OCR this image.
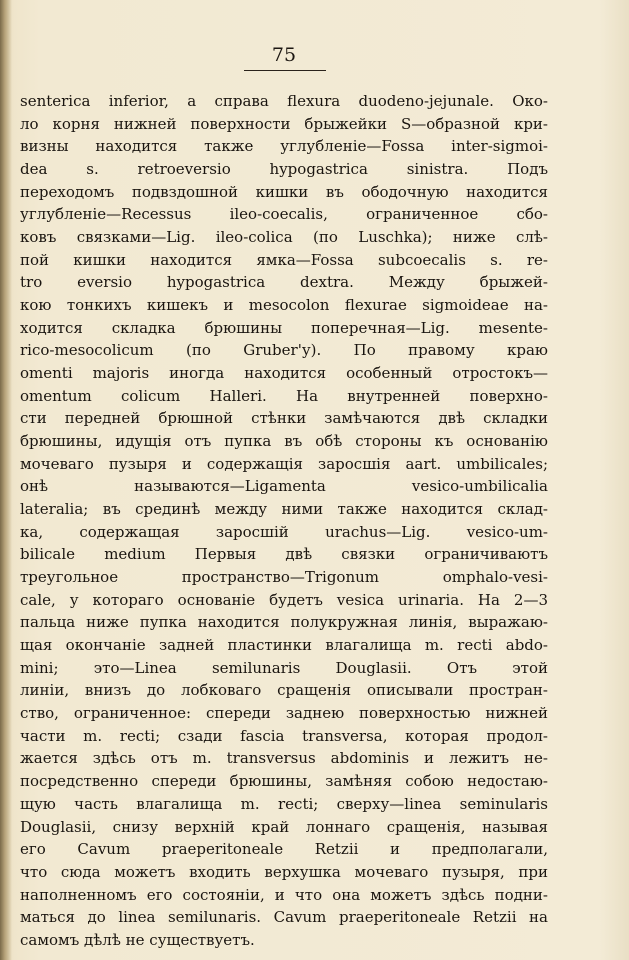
75
senterica inferior, а справа flexura duodeno-jejunale. Око-
ло корня нижней поверхности брыжейки S—образной кри-
визны находится также углубленіе—Fossa inter-sigmoi-
dea s. retroeversio hypogastrica sinistra. Подъ
переходомъ подвздошной кишки въ ободочную находится
углубленіе—Recessus ileo-coecalis, ограниченное сбо-
ковъ связками—Lig. ileo-colica (по Luschka); ниже слѣ-
пой кишки находится ямка—Fossa subcoecalis s. re-
tro eversio hypogastrica dextra. Между брыжей-
кою тонкихъ кишекъ и mesocolon flexurae sigmoideae на-
ходится складка брюшины поперечная—Lig. mesente-
rico-mesocolicum (по Gruber'у). По правому краю
omenti majoris иногда находится особенный отростокъ—
omentum colicum Halleri. На внутренней поверхно-
сти передней брюшной стѣнки замѣчаются двѣ складки
брюшины, идущія отъ пупка въ обѣ стороны къ основанію
мочеваго пузыря и содержащія заросшія aart. umbilicales;
онѣ называются—Ligamenta vesico-umbilicalia
lateralia; въ срединѣ между ними также находится склад-
ка, содержащая заросшій urachus—Lig. vesico-um-
bilicale medium Первыя двѣ связки ограничиваютъ
треугольное пространство—Trigonum omphalo-vesi-
cale, у котораго основаніе будетъ vesica urinaria. На 2—3
пальца ниже пупка находится полукружная линія, выражаю-
щая окончаніе задней пластинки влагалища m. recti abdo-
mini; это—Linea semilunaris Douglasii. Отъ этой
линіи, внизъ до лобковаго сращенія описывали простран-
ство, ограниченное: спереди заднею поверхностью нижней
части m. recti; сзади fascia transversa, которая продол-
жается здѣсь отъ m. transversus abdominis и лежитъ не-
посредственно спереди брюшины, замѣняя собою недостаю-
щую часть влагалища m. recti; сверху—linea seminularis
Douglasii, снизу верхній край лоннаго сращенія, называя
его Cavum praeperitoneale Retzii и предполагали,
что сюда можетъ входить верхушка мочеваго пузыря, при
наполненномъ его состояніи, и что она можетъ здѣсь подни-
маться до linea semilunaris. Cavum praeperitoneale Retzii на
самомъ дѣлѣ не существуетъ.
